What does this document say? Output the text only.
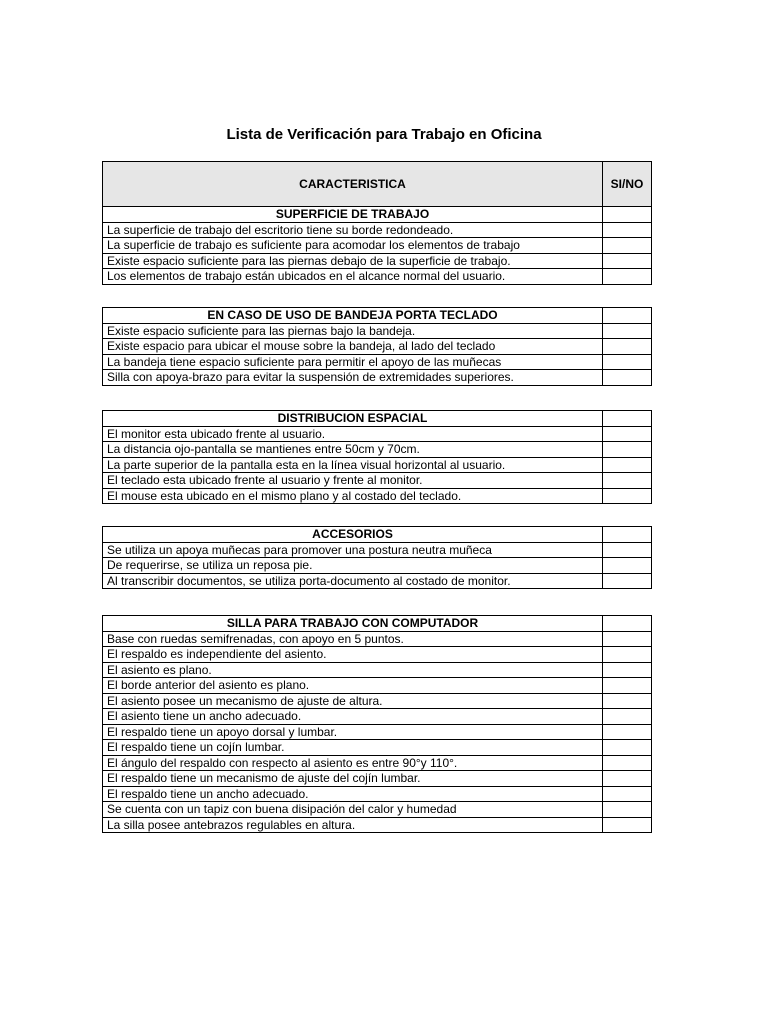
Lista de Verificación para Trabajo en Oficina
CARACTERISTICA	SI/NO
SUPERFICIE DE TRABAJO	
La superficie de trabajo del escritorio tiene su borde redondeado.	
La superficie de trabajo es suficiente para acomodar los elementos de trabajo	
Existe espacio suficiente para las piernas debajo de la superficie de trabajo.	
Los elementos de trabajo están ubicados en el alcance normal del usuario.	
EN CASO DE USO DE BANDEJA PORTA TECLADO	
Existe espacio suficiente para las piernas bajo la bandeja.	
Existe espacio para ubicar el mouse sobre la bandeja, al lado del teclado	
La bandeja tiene espacio suficiente para permitir el apoyo de las muñecas	
Silla con apoya-brazo para evitar la suspensión de extremidades superiores.	
DISTRIBUCION ESPACIAL	
El monitor esta ubicado frente al usuario.	
La distancia ojo-pantalla se mantienes entre 50cm y 70cm.	
La parte superior de la pantalla esta en la línea visual horizontal al usuario.	
El teclado esta ubicado frente al usuario y frente al monitor.	
El mouse esta ubicado en el mismo plano y al costado del teclado.	
ACCESORIOS	
Se utiliza un apoya muñecas para promover una postura neutra muñeca	
De requerirse, se utiliza un reposa pie.	
Al transcribir documentos, se utiliza porta-documento al costado de monitor.	
SILLA PARA TRABAJO CON COMPUTADOR	
Base con ruedas semifrenadas, con apoyo en 5 puntos.	
El respaldo es independiente del asiento.	
El asiento es plano.	
El borde anterior del asiento es plano.	
El asiento posee un mecanismo de ajuste de altura.	
El asiento tiene un ancho adecuado.	
El respaldo tiene un apoyo dorsal y lumbar.	
El respaldo tiene un cojín lumbar.	
El ángulo del respaldo con respecto al asiento es entre 90°y 110°.	
El respaldo tiene un mecanismo de ajuste del cojín lumbar.	
El respaldo tiene un ancho adecuado.	
Se cuenta con un tapiz con buena disipación del calor y humedad	
La silla posee antebrazos regulables en altura.	
